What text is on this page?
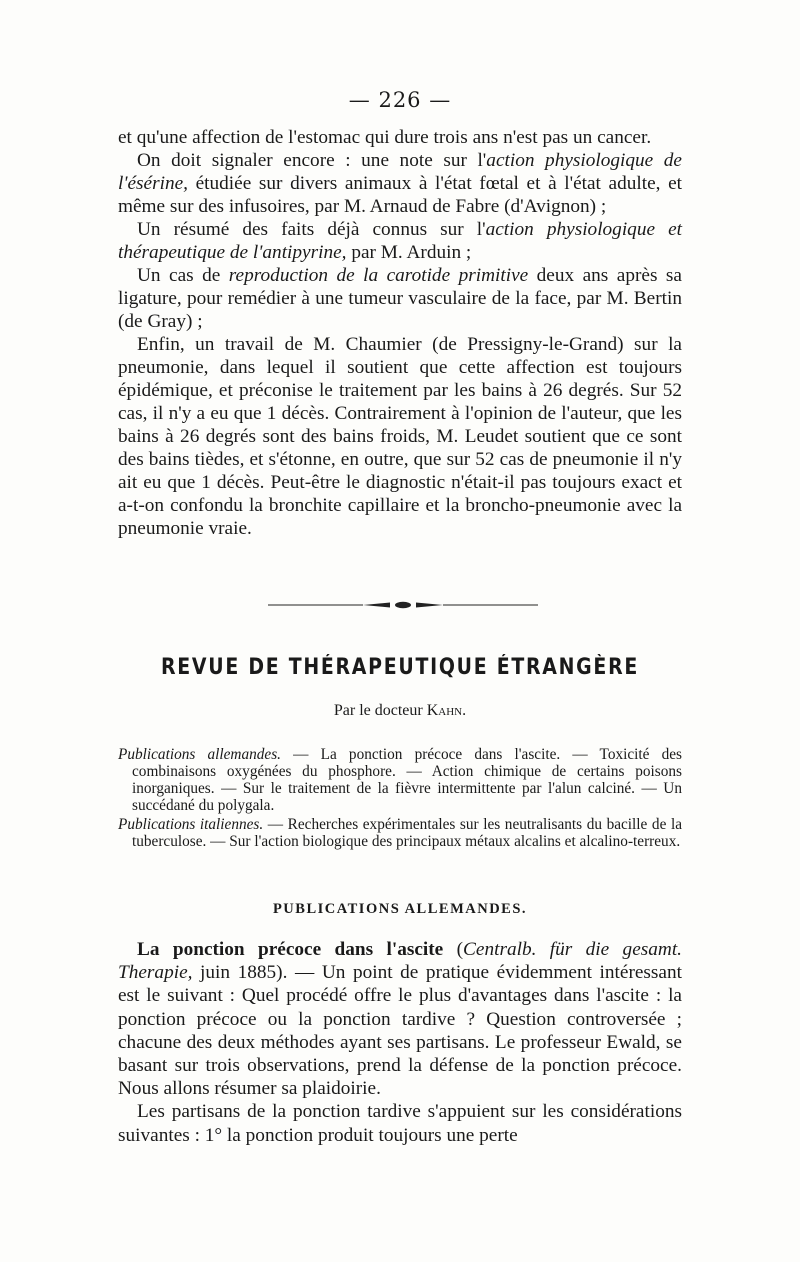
— 226 —

et qu'une affection de l'estomac qui dure trois ans n'est pas un cancer.

On doit signaler encore : une note sur l'action physiologique de l'ésérine, étudiée sur divers animaux à l'état fœtal et à l'état adulte, et même sur des infusoires, par M. Arnaud de Fabre (d'Avignon) ;

Un résumé des faits déjà connus sur l'action physiologique et thérapeutique de l'antipyrine, par M. Arduin ;

Un cas de reproduction de la carotide primitive deux ans après sa ligature, pour remédier à une tumeur vasculaire de la face, par M. Bertin (de Gray) ;

Enfin, un travail de M. Chaumier (de Pressigny-le-Grand) sur la pneumonie, dans lequel il soutient que cette affection est toujours épidémique, et préconise le traitement par les bains à 26 degrés. Sur 52 cas, il n'y a eu que 1 décès. Contrairement à l'opinion de l'auteur, que les bains à 26 degrés sont des bains froids, M. Leudet soutient que ce sont des bains tièdes, et s'étonne, en outre, que sur 52 cas de pneumonie il n'y ait eu que 1 décès. Peut-être le diagnostic n'était-il pas toujours exact et a-t-on confondu la bronchite capillaire et la broncho-pneumonie avec la pneumonie vraie.

REVUE DE THÉRAPEUTIQUE ÉTRANGÈRE
Par le docteur Kahn.

Publications allemandes. — La ponction précoce dans l'ascite. — Toxicité des combinaisons oxygénées du phosphore. — Action chimique de certains poisons inorganiques. — Sur le traitement de la fièvre intermittente par l'alun calciné. — Un succédané du polygala.

Publications italiennes. — Recherches expérimentales sur les neutralisants du bacille de la tuberculose. — Sur l'action biologique des principaux métaux alcalins et alcalino-terreux.

PUBLICATIONS ALLEMANDES.

La ponction précoce dans l'ascite (Centralb. für die gesamt. Therapie, juin 1885). — Un point de pratique évidemment intéressant est le suivant : Quel procédé offre le plus d'avantages dans l'ascite : la ponction précoce ou la ponction tardive ? Question controversée ; chacune des deux méthodes ayant ses partisans. Le professeur Ewald, se basant sur trois observations, prend la défense de la ponction précoce. Nous allons résumer sa plaidoirie.

Les partisans de la ponction tardive s'appuient sur les considérations suivantes : 1° la ponction produit toujours une perte
